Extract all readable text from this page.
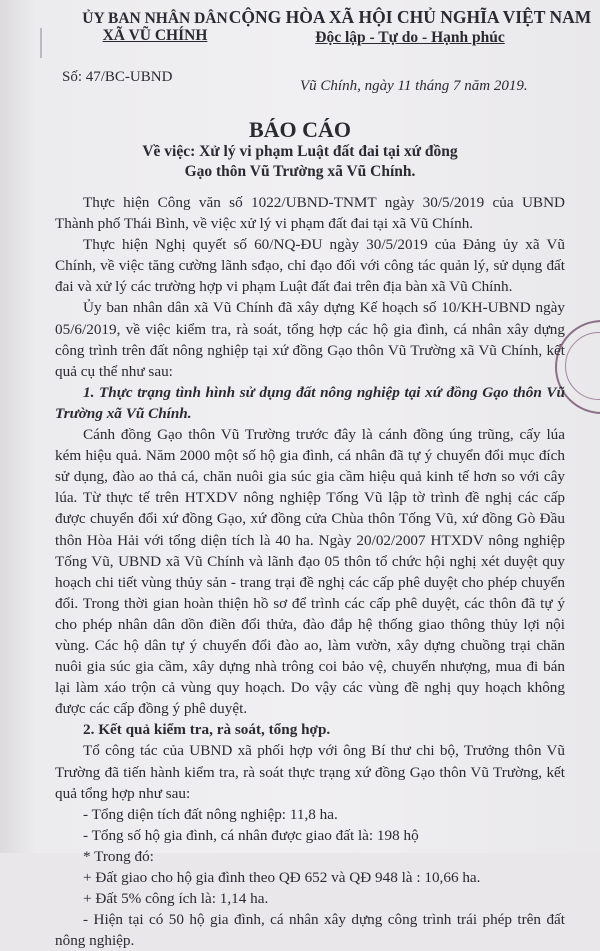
ỦY BAN NHÂN DÂN
XÃ VŨ CHÍNH
CỘNG HÒA XÃ HỘI CHỦ NGHĨA VIỆT NAM
Độc lập - Tự do - Hạnh phúc
Số: 47/BC-UBND
Vũ Chính, ngày 11 tháng 7 năm 2019.
BÁO CÁO
Về việc: Xử lý vi phạm Luật đất đai tại xứ đồng
Gạo thôn Vũ Trường xã Vũ Chính.

Thực hiện Công văn số 1022/UBND-TNMT ngày 30/5/2019 của UBND Thành phố Thái Bình, về việc xử lý vi phạm đất đai tại xã Vũ Chính.

Thực hiện Nghị quyết số 60/NQ-ĐU ngày 30/5/2019 của Đảng ủy xã Vũ Chính, về việc tăng cường lãnh sđạo, chỉ đạo đối với công tác quản lý, sử dụng đất đai và xử lý các trường hợp vi phạm Luật đất đai trên địa bàn xã Vũ Chính.

Ủy ban nhân dân xã Vũ Chính đã xây dựng Kế hoạch số 10/KH-UBND ngày 05/6/2019, về việc kiểm tra, rà soát, tổng hợp các hộ gia đình, cá nhân xây dựng công trình trên đất nông nghiệp tại xứ đồng Gạo thôn Vũ Trường xã Vũ Chính, kết quả cụ thể như sau:

1. Thực trạng tình hình sử dụng đất nông nghiệp tại xứ đồng Gạo thôn Vũ Trường xã Vũ Chính.

Cánh đồng Gạo thôn Vũ Trường trước đây là cánh đồng úng trũng, cấy lúa kém hiệu quả. Năm 2000 một số hộ gia đình, cá nhân đã tự ý chuyển đổi mục đích sử dụng, đào ao thả cá, chăn nuôi gia súc gia cầm hiệu quả kinh tế hơn so với cây lúa. Từ thực tế trên HTXDV nông nghiệp Tống Vũ lập tờ trình đề nghị các cấp được chuyển đổi xứ đồng Gạo, xứ đồng cửa Chùa thôn Tống Vũ, xứ đồng Gò Đầu thôn Hòa Hải với tổng diện tích là 40 ha. Ngày 20/02/2007 HTXDV nông nghiệp Tống Vũ, UBND xã Vũ Chính và lãnh đạo 05 thôn tổ chức hội nghị xét duyệt quy hoạch chi tiết vùng thủy sản - trang trại đề nghị các cấp phê duyệt cho phép chuyển đổi. Trong thời gian hoàn thiện hồ sơ để trình các cấp phê duyệt, các thôn đã tự ý cho phép nhân dân dồn điền đổi thửa, đào đắp hệ thống giao thông thủy lợi nội vùng. Các hộ dân tự ý chuyển đổi đào ao, làm vườn, xây dựng chuồng trại chăn nuôi gia súc gia cầm, xây dựng nhà trông coi bảo vệ, chuyển nhượng, mua đi bán lại làm xáo trộn cả vùng quy hoạch. Do vậy các vùng đề nghị quy hoạch không được các cấp đồng ý phê duyệt.

2. Kết quả kiểm tra, rà soát, tổng hợp.

Tổ công tác của UBND xã phối hợp với ông Bí thư chi bộ, Trưởng thôn Vũ Trường đã tiến hành kiểm tra, rà soát thực trạng xứ đồng Gạo thôn Vũ Trường, kết quả tổng hợp như sau:

- Tổng diện tích đất nông nghiệp: 11,8 ha.

- Tổng số hộ gia đình, cá nhân được giao đất là: 198 hộ

* Trong đó:

+ Đất giao cho hộ gia đình theo QĐ 652 và QĐ 948 là : 10,66 ha.

+ Đất 5% công ích là: 1,14 ha.

- Hiện tại có 50 hộ gia đình, cá nhân xây dựng công trình trái phép trên đất nông nghiệp.
